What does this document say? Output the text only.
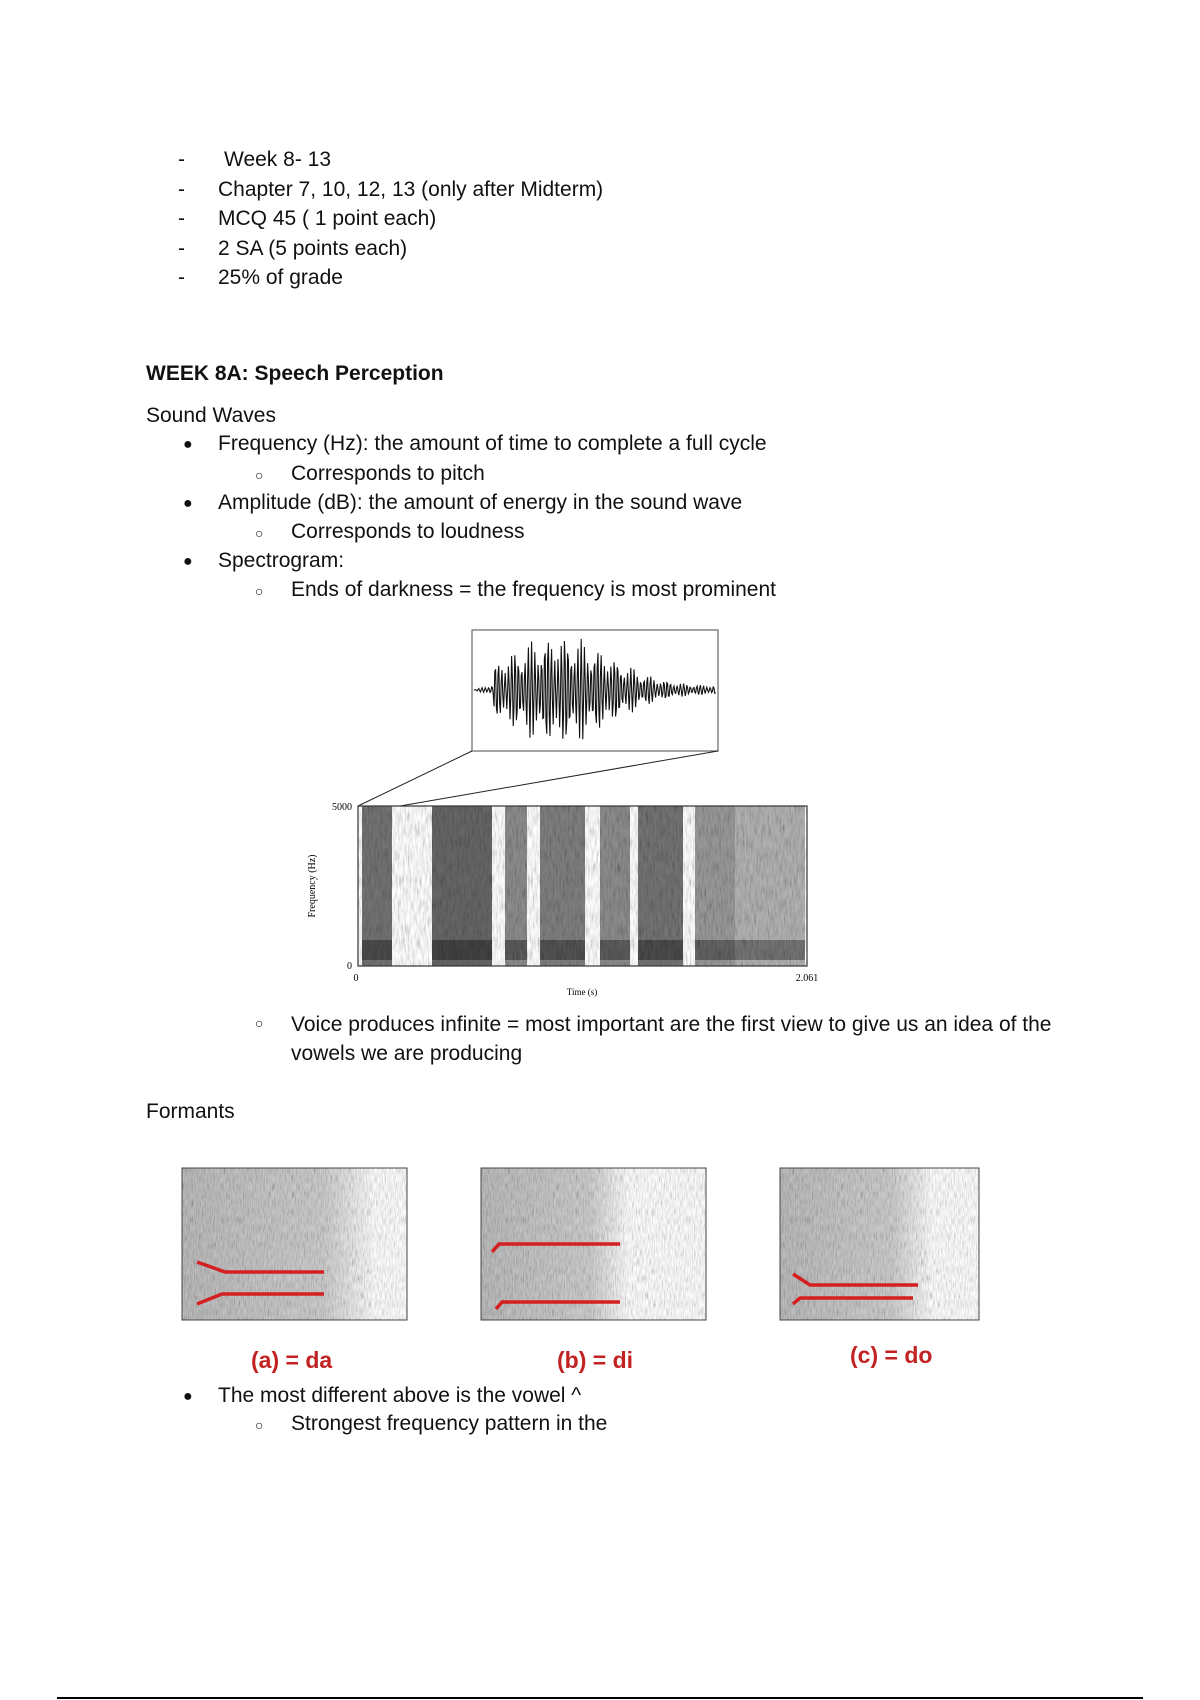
-	Week 8- 13
-	Chapter 7, 10, 12, 13 (only after Midterm)
-	MCQ 45 ( 1 point each)
-	2 SA (5 points each)
-	25% of grade
WEEK 8A: Speech Perception
Sound Waves
●	Frequency (Hz): the amount of time to complete a full cycle
○	Corresponds to pitch
●	Amplitude (dB): the amount of energy in the sound wave
○	Corresponds to loudness
●	Spectrogram:
○	Ends of darkness = the frequency is most prominent
5000
0
0	2.061
Time (s)
Frequency (Hz)
○	Voice produces infinite = most important are the first view to give us an idea of the vowels we are producing
Formants
(a) = da	(b) = di	(c) = do
●	The most different above is the vowel ^
○	Strongest frequency pattern in the
